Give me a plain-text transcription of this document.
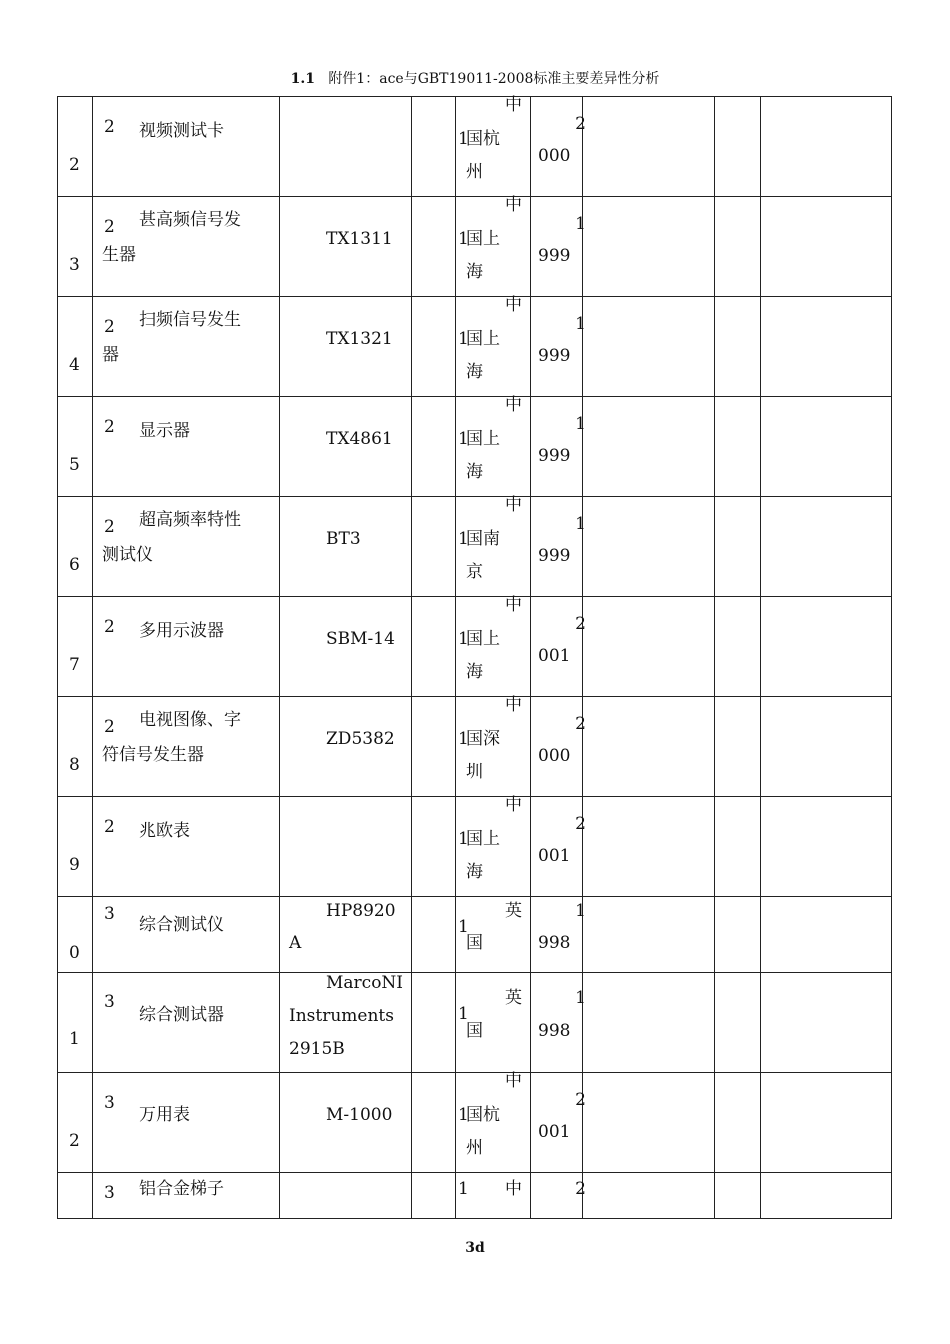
1.1 附件1：ace与GBT19011-2008标准主要差异性分析
2	2 视频测试卡			中
1
国杭
州	2
000			

3	2 甚高频信号发
生器	TX1311		中
1
国上
海	1
999			

4	2 扫频信号发生
器	TX1321		中
1
国上
海	1
999			

5	2 显示器	TX4861		中
1
国上
海	1
999			

6	2 超高频率特性
测试仪	BT3		中
1
国南
京	1
999			

7	2 多用示波器	SBM-14		中
1
国上
海	2
001			

8	2 电视图像、字
符信号发生器	ZD5382		中
1
国深
圳	2
000			

9	2 兆欧表			中
1
国上
海	2
001			

0	3
综合测试仪	HP8920
A		英
1
国	1
998			

1	3
综合测试器	MarcoNI
Instruments
2915B		英
1
国	1
998			

2	3
万用表	M-1000		中
1
国杭
州	2
001			

	3 铝合金梯子			1 中	2			

3d
